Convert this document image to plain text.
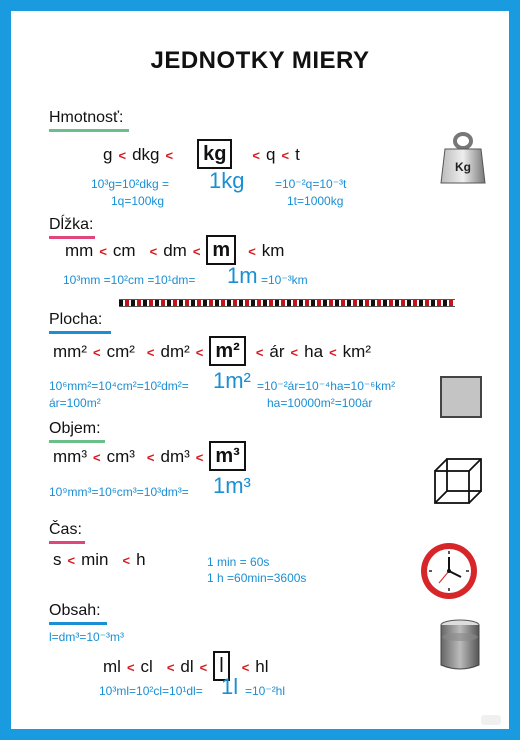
JEDNOTKY MIERY
Hmotnosť:
g < dkg < kg < q < t
10³g=10²dkg = 1kg	=10⁻²q=10⁻³t
1q=100kg	1t=1000kg
Kg
Dĺžka:
mm < cm < dm < m < km
10³mm =10²cm =10¹dm= 1m =10⁻³km
Plocha:
mm² < cm² < dm² < m² < ár < ha < km²
10⁶mm²=10⁴cm²=10²dm²= 1m² =10⁻²ár=10⁻⁴ha=10⁻⁶km²
ár=100m²	ha=10000m²=100ár
Objem:
mm³ < cm³ < dm³ < m³
10⁹mm³=10⁶cm³=10³dm³= 1m³
Čas:
s < min < h	1 min = 60s
1 h =60min=3600s
Obsah:
l=dm³=10⁻³m³
ml < cl < dl < l < hl
10³ml=10²cl=10¹dl= 1l =10⁻²hl
